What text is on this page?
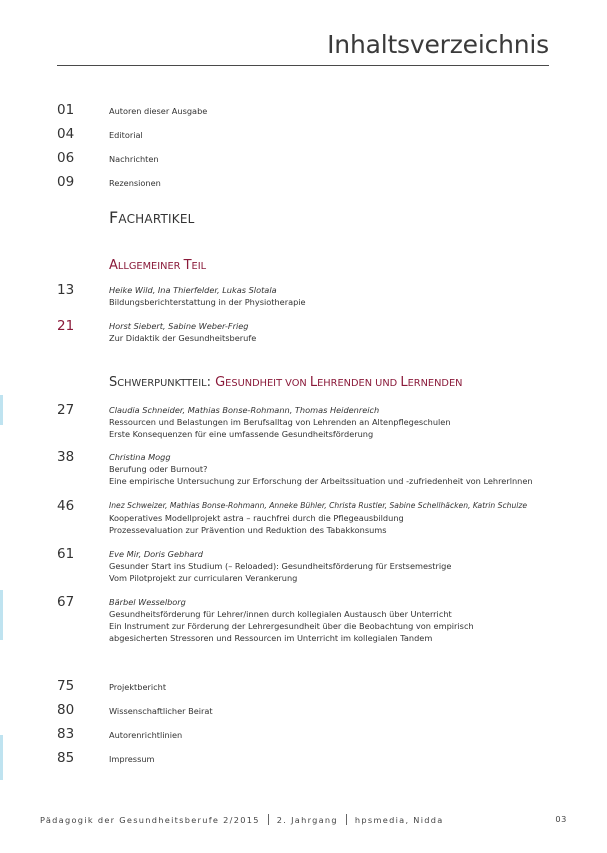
Inhaltsverzeichnis
01	Autoren dieser Ausgabe
04	Editorial
06	Nachrichten
09	Rezensionen
FACHARTIKEL
ALLGEMEINER TEIL
13	Heike Wild, Ina Thierfelder, Lukas Slotala
Bildungsberichterstattung in der Physiotherapie
21	Horst Siebert, Sabine Weber-Frieg
Zur Didaktik der Gesundheitsberufe
SCHWERPUNKTTEIL: GESUNDHEIT VON LEHRENDEN UND LERNENDEN
27	Claudia Schneider, Mathias Bonse-Rohmann, Thomas Heidenreich
Ressourcen und Belastungen im Berufsalltag von Lehrenden an Altenpflegeschulen
Erste Konsequenzen für eine umfassende Gesundheitsförderung
38	Christina Mogg
Berufung oder Burnout?
Eine empirische Untersuchung zur Erforschung der Arbeitssituation und -zufriedenheit von Lehrerlnnen
46	Inez Schweizer, Mathias Bonse-Rohmann, Anneke Bühler, Christa Rustler, Sabine Schellhäcken, Katrin Schulze
Kooperatives Modellprojekt astra – rauchfrei durch die Pflegeausbildung
Prozessevaluation zur Prävention und Reduktion des Tabakkonsums
61	Eve Mir, Doris Gebhard
Gesunder Start ins Studium (– Reloaded): Gesundheitsförderung für Erstsemestrige
Vom Pilotprojekt zur curricularen Verankerung
67	Bärbel Wesselborg
Gesundheitsförderung für Lehrer/innen durch kollegialen Austausch über Unterricht
Ein Instrument zur Förderung der Lehrergesundheit über die Beobachtung von empirisch
abgesicherten Stressoren und Ressourcen im Unterricht im kollegialen Tandem
75	Projektbericht
80	Wissenschaftlicher Beirat
83	Autorenrichtlinien
85	Impressum
Pädagogik der Gesundheitsberufe 2/2015 2. Jahrgang hpsmedia, Nidda	03
